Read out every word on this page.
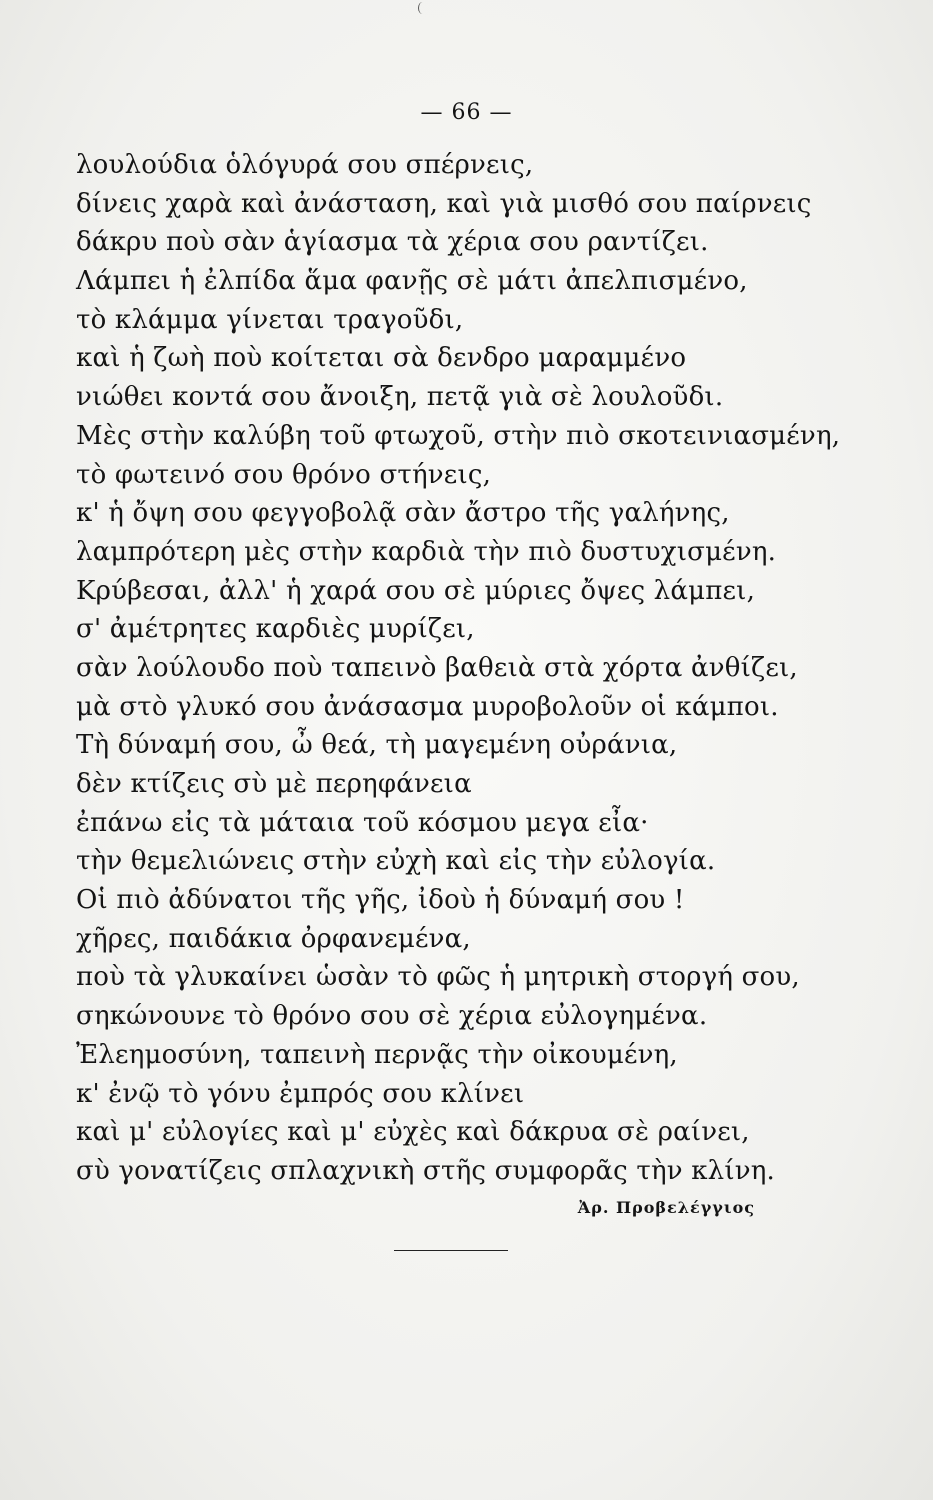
— 66 —
λουλούδια ὁλόγυρά σου σπέρνεις,
δίνεις χαρὰ καὶ ἀνάσταση, καὶ γιὰ μισθό σου παίρνεις
δάκρυ ποὺ σὰν ἁγίασμα τὰ χέρια σου ραντίζει.
Λάμπει ἡ ἐλπίδα ἅμα φανῇς σὲ μάτι ἀπελπισμένο,
τὸ κλάμμα γίνεται τραγοῦδι,
καὶ ἡ ζωὴ ποὺ κοίτεται σὰ δενδρο μαραμμένο
νιώθει κοντά σου ἄνοιξη, πετᾷ γιὰ σὲ λουλοῦδι.
Μὲς στὴν καλύβη τοῦ φτωχοῦ, στὴν πιὸ σκοτεινιασμένη,
τὸ φωτεινό σου θρόνο στήνεις,
κ' ἡ ὄψη σου φεγγοβολᾷ σὰν ἄστρο τῆς γαλήνης,
λαμπρότερη μὲς στὴν καρδιὰ τὴν πιὸ δυστυχισμένη.
Κρύβεσαι, ἀλλ' ἡ χαρά σου σὲ μύριες ὄψες λάμπει,
σ' ἀμέτρητες καρδιὲς μυρίζει,
σὰν λούλουδο ποὺ ταπεινὸ βαθειὰ στὰ χόρτα ἀνθίζει,
μὰ στὸ γλυκό σου ἀνάσασμα μυροβολοῦν οἱ κάμποι.
Τὴ δύναμή σου, ὦ θεά, τὴ μαγεμένη οὐράνια,
δὲν κτίζεις σὺ μὲ περηφάνεια
ἐπάνω εἰς τὰ μάταια τοῦ κόσμου μεγα εἶα·
τὴν θεμελιώνεις στὴν εὐχὴ καὶ εἰς τὴν εὐλογία.
Οἱ πιὸ ἀδύνατοι τῆς γῆς, ἰδοὺ ἡ δύναμή σου !
χῆρες, παιδάκια ὀρφανεμένα,
ποὺ τὰ γλυκαίνει ὡσὰν τὸ φῶς ἡ μητρικὴ στοργή σου,
σηκώνουνε τὸ θρόνο σου σὲ χέρια εὐλογημένα.
Ἐλεημοσύνη, ταπεινὴ περνᾷς τὴν οἰκουμένη,
κ' ἐνῷ τὸ γόνυ ἐμπρός σου κλίνει
καὶ μ' εὐλογίες καὶ μ' εὐχὲς καὶ δάκρυα σὲ ραίνει,
σὺ γονατίζεις σπλαχνικὴ στῆς συμφορᾶς τὴν κλίνη.
Ἀρ. Προβελέγγιος
